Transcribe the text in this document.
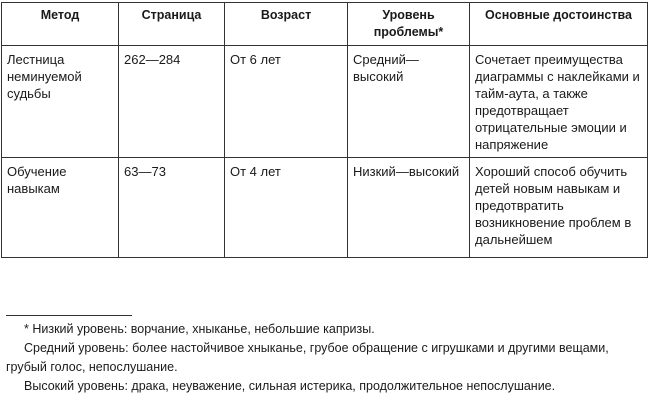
Метод	Страница	Возраст	Уровень проблемы*	Основные достоинства
Лестница неминуемой судьбы	262—284	От 6 лет	Средний—высокий	Сочетает преимущества диаграммы с наклейками и тайм-аута, а также предотвращает отрицательные эмоции и напряжение
Обучение навыкам	63—73	От 4 лет	Низкий—высокий	Хороший способ обучить детей новым навыкам и предотвратить возникновение проблем в дальнейшем

* Низкий уровень: ворчание, хныканье, небольшие капризы.

Средний уровень: более настойчивое хныканье, грубое обращение с игрушками и другими вещами, грубый голос, непослушание.

Высокий уровень: драка, неуважение, сильная истерика, продолжительное непослушание.
